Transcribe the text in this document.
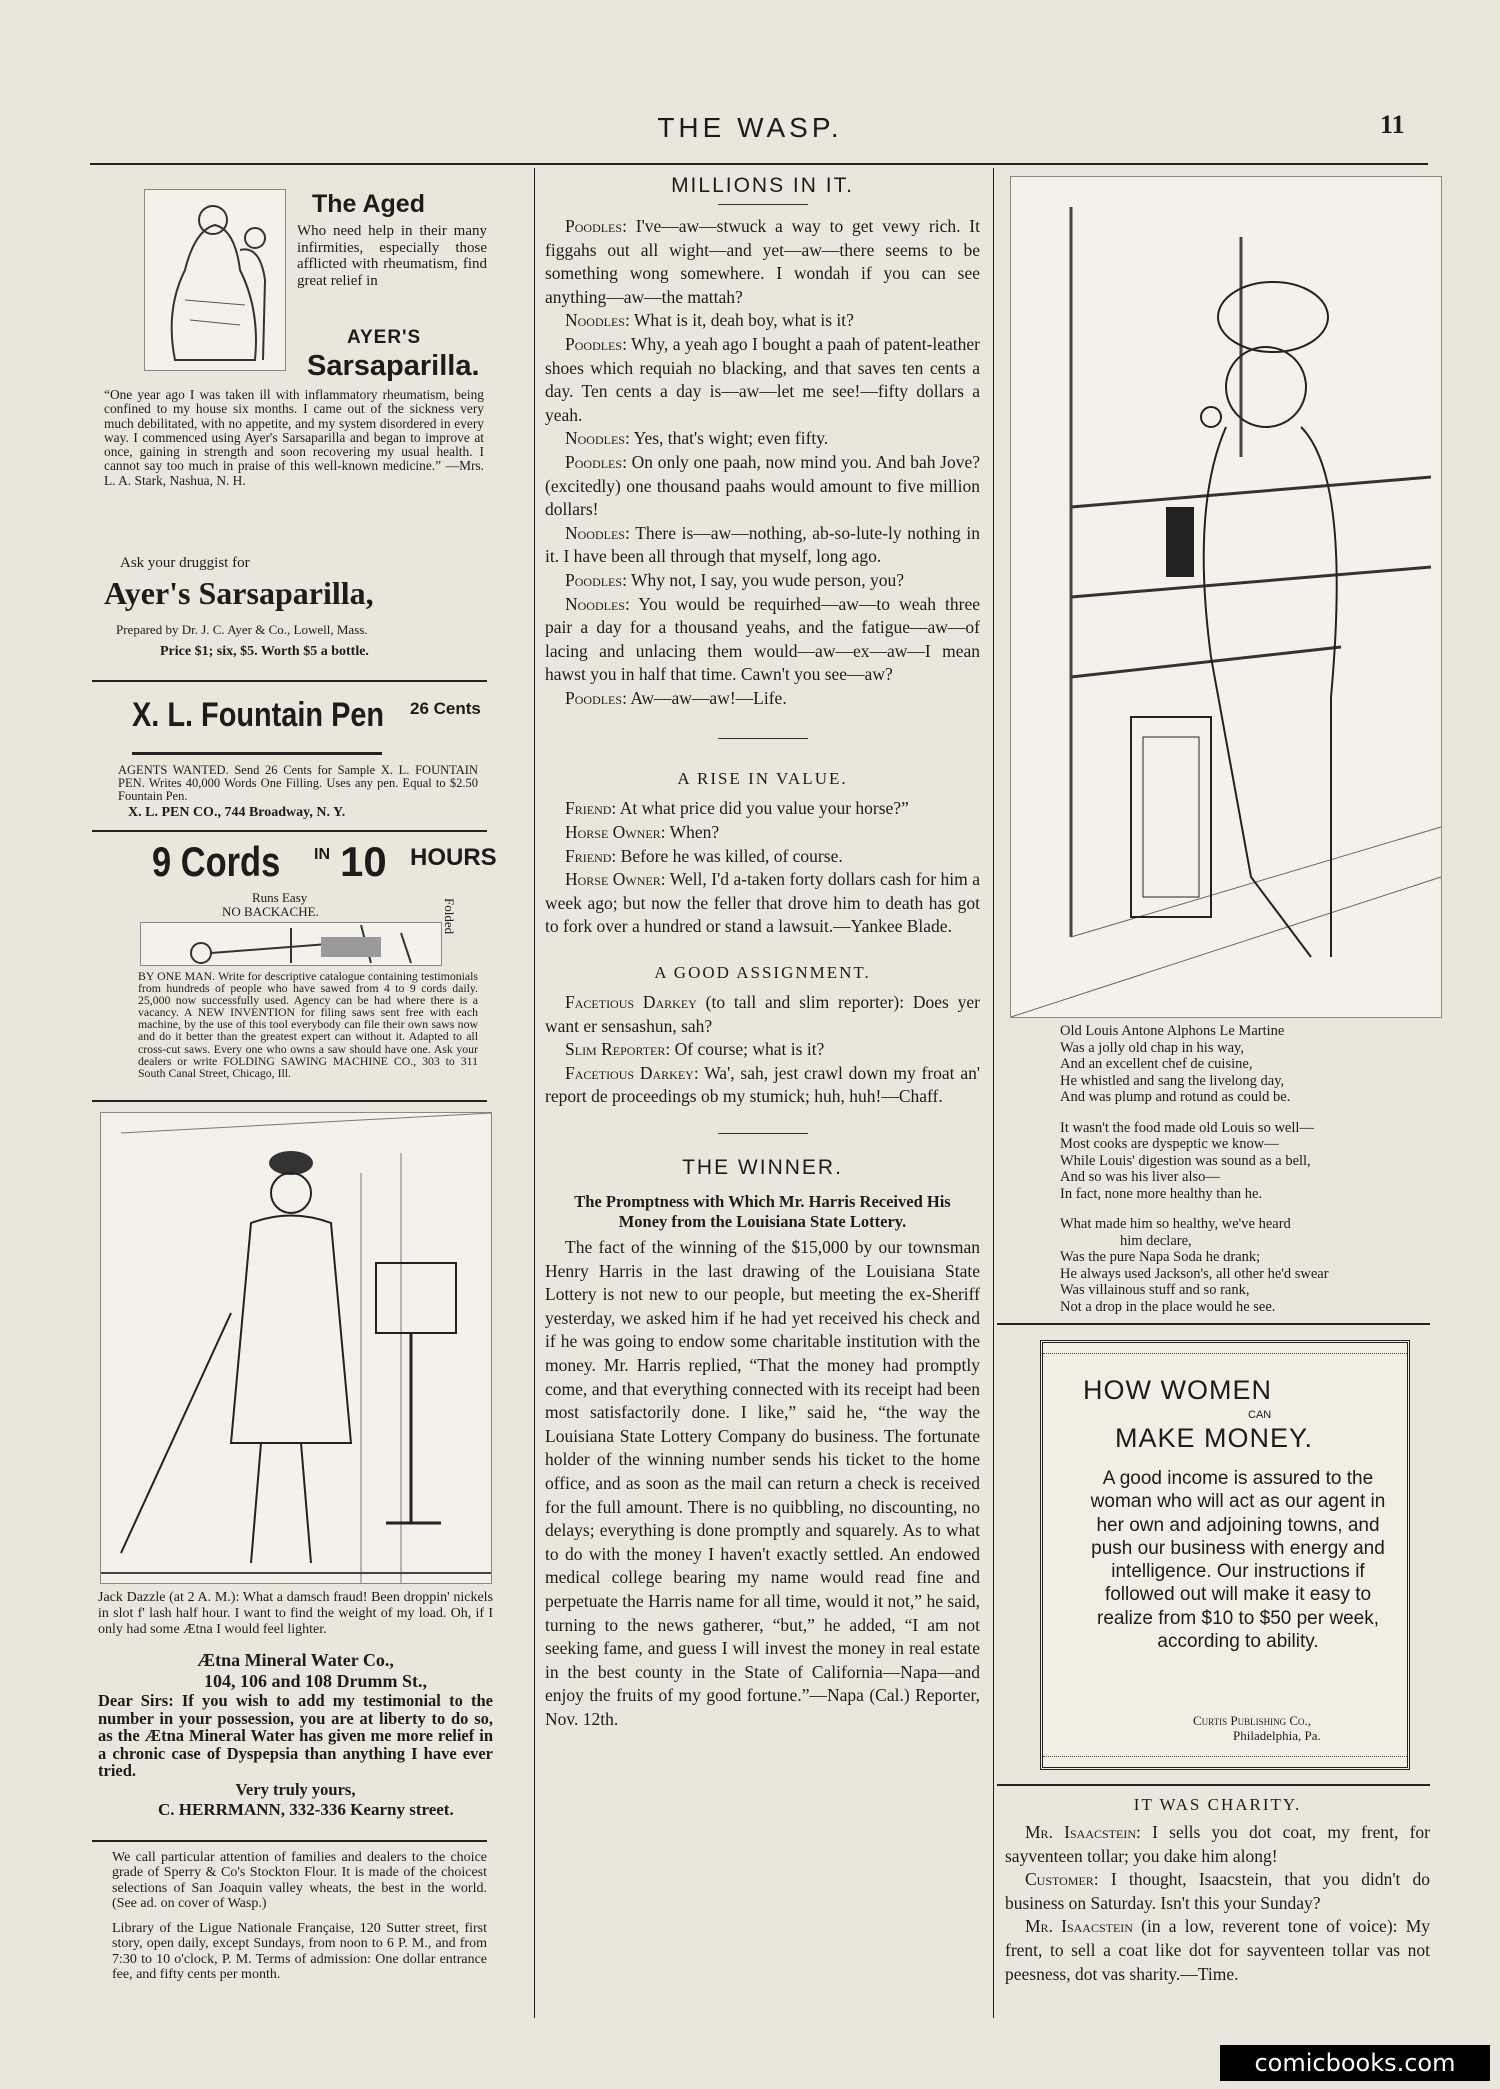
THE WASP.	11
The Aged
Who need help in their many infirmities, especially those afflicted with rheumatism, find great relief in
AYER'S
Sarsaparilla.
“One year ago I was taken ill with inflammatory rheumatism, being confined to my house six months. I came out of the sickness very much debilitated, with no appetite, and my system disordered in every way. I commenced using Ayer's Sarsaparilla and began to improve at once, gaining in strength and soon recovering my usual health. I cannot say too much in praise of this well-known medicine.” —Mrs. L. A. Stark, Nashua, N. H.
Ask your druggist for
Ayer's Sarsaparilla,
Prepared by Dr. J. C. Ayer & Co., Lowell, Mass.
Price $1; six, $5. Worth $5 a bottle.
X. L. Fountain Pen 26 Cents
AGENTS WANTED. Send 26 Cents for Sample X. L. FOUNTAIN PEN. Writes 40,000 Words One Filling. Uses any pen. Equal to $2.50 Fountain Pen.
X. L. PEN CO., 744 Broadway, N. Y.
9 Cords IN 10 HOURS
Runs Easy
NO BACKACHE.	Folded
BY ONE MAN. Write for descriptive catalogue containing testimonials from hundreds of people who have sawed from 4 to 9 cords daily. 25,000 now successfully used. Agency can be had where there is a vacancy. A NEW INVENTION for filing saws sent free with each machine, by the use of this tool everybody can file their own saws now and do it better than the greatest expert can without it. Adapted to all cross-cut saws. Every one who owns a saw should have one. Ask your dealers or write FOLDING SAWING MACHINE CO., 303 to 311 South Canal Street, Chicago, Ill.

Jack Dazzle (at 2 A. M.): What a damsch fraud! Been droppin' nickels in slot f' lash half hour. I want to find the weight of my load. Oh, if I only had some Ætna I would feel lighter.

Ætna Mineral Water Co.,
104, 106 and 108 Drumm St.,

Dear Sirs: If you wish to add my testimonial to the number in your possession, you are at liberty to do so, as the Ætna Mineral Water has given me more relief in a chronic case of Dyspepsia than anything I have ever tried.

Very truly yours,
C. HERRMANN, 332-336 Kearny street.

We call particular attention of families and dealers to the choice grade of Sperry & Co's Stockton Flour. It is made of the choicest selections of San Joaquin valley wheats, the best in the world. (See ad. on cover of Wasp.)

Library of the Ligue Nationale Française, 120 Sutter street, first story, open daily, except Sundays, from noon to 6 P. M., and from 7:30 to 10 o'clock, P. M. Terms of admission: One dollar entrance fee, and fifty cents per month.

MILLIONS IN IT.

Poodles: I've—aw—stwuck a way to get vewy rich. It figgahs out all wight—and yet—aw—there seems to be something wong somewhere. I wondah if you can see anything—aw—the mattah?

Noodles: What is it, deah boy, what is it?

Poodles: Why, a yeah ago I bought a paah of patent-leather shoes which requiah no blacking, and that saves ten cents a day. Ten cents a day is—aw—let me see!—fifty dollars a yeah.

Noodles: Yes, that's wight; even fifty.

Poodles: On only one paah, now mind you. And bah Jove? (excitedly) one thousand paahs would amount to five million dollars!

Noodles: There is—aw—nothing, ab-so-lute-ly nothing in it. I have been all through that myself, long ago.

Poodles: Why not, I say, you wude person, you?

Noodles: You would be requirhed—aw—to weah three pair a day for a thousand yeahs, and the fatigue—aw—of lacing and unlacing them would—aw—ex—aw—I mean hawst you in half that time. Cawn't you see—aw?

Poodles: Aw—aw—aw!—Life.

A RISE IN VALUE.

Friend: At what price did you value your horse?”

Horse Owner: When?

Friend: Before he was killed, of course.

Horse Owner: Well, I'd a-taken forty dollars cash for him a week ago; but now the feller that drove him to death has got to fork over a hundred or stand a lawsuit.—Yankee Blade.

A GOOD ASSIGNMENT.

Facetious Darkey (to tall and slim reporter): Does yer want er sensashun, sah?

Slim Reporter: Of course; what is it?

Facetious Darkey: Wa', sah, jest crawl down my froat an' report de proceedings ob my stumick; huh, huh!—Chaff.

THE WINNER.

The Promptness with Which Mr. Harris Received His Money from the Louisiana State Lottery.

The fact of the winning of the $15,000 by our townsman Henry Harris in the last drawing of the Louisiana State Lottery is not new to our people, but meeting the ex-Sheriff yesterday, we asked him if he had yet received his check and if he was going to endow some charitable institution with the money. Mr. Harris replied, “That the money had promptly come, and that everything connected with its receipt had been most satisfactorily done. I like,” said he, “the way the Louisiana State Lottery Company do business. The fortunate holder of the winning number sends his ticket to the home office, and as soon as the mail can return a check is received for the full amount. There is no quibbling, no discounting, no delays; everything is done promptly and squarely. As to what to do with the money I haven't exactly settled. An endowed medical college bearing my name would read fine and perpetuate the Harris name for all time, would it not,” he said, turning to the news gatherer, “but,” he added, “I am not seeking fame, and guess I will invest the money in real estate in the best county in the State of California—Napa—and enjoy the fruits of my good fortune.”—Napa (Cal.) Reporter, Nov. 12th.

Old Louis Antone Alphons Le Martine
Was a jolly old chap in his way,
And an excellent chef de cuisine,
He whistled and sang the livelong day,
And was plump and rotund as could be.
It wasn't the food made old Louis so well—
Most cooks are dyspeptic we know—
While Louis' digestion was sound as a bell,
And so was his liver also—
In fact, none more healthy than he.
What made him so healthy, we've heard
him declare,
Was the pure Napa Soda he drank;
He always used Jackson's, all other he'd swear
Was villainous stuff and so rank,
Not a drop in the place would he see.
HOW WOMEN
CAN
MAKE MONEY.

A good income is assured to the woman who will act as our agent in her own and adjoining towns, and push our business with energy and intelligence. Our instructions if followed out will make it easy to realize from $10 to $50 per week, according to ability.

Curtis Publishing Co.,
Philadelphia, Pa.
IT WAS CHARITY.

Mr. Isaacstein: I sells you dot coat, my frent, for sayventeen tollar; you dake him along!

Customer: I thought, Isaacstein, that you didn't do business on Saturday. Isn't this your Sunday?

Mr. Isaacstein (in a low, reverent tone of voice): My frent, to sell a coat like dot for sayventeen tollar vas not peesness, dot vas sharity.—Time.

comicbooks.com
